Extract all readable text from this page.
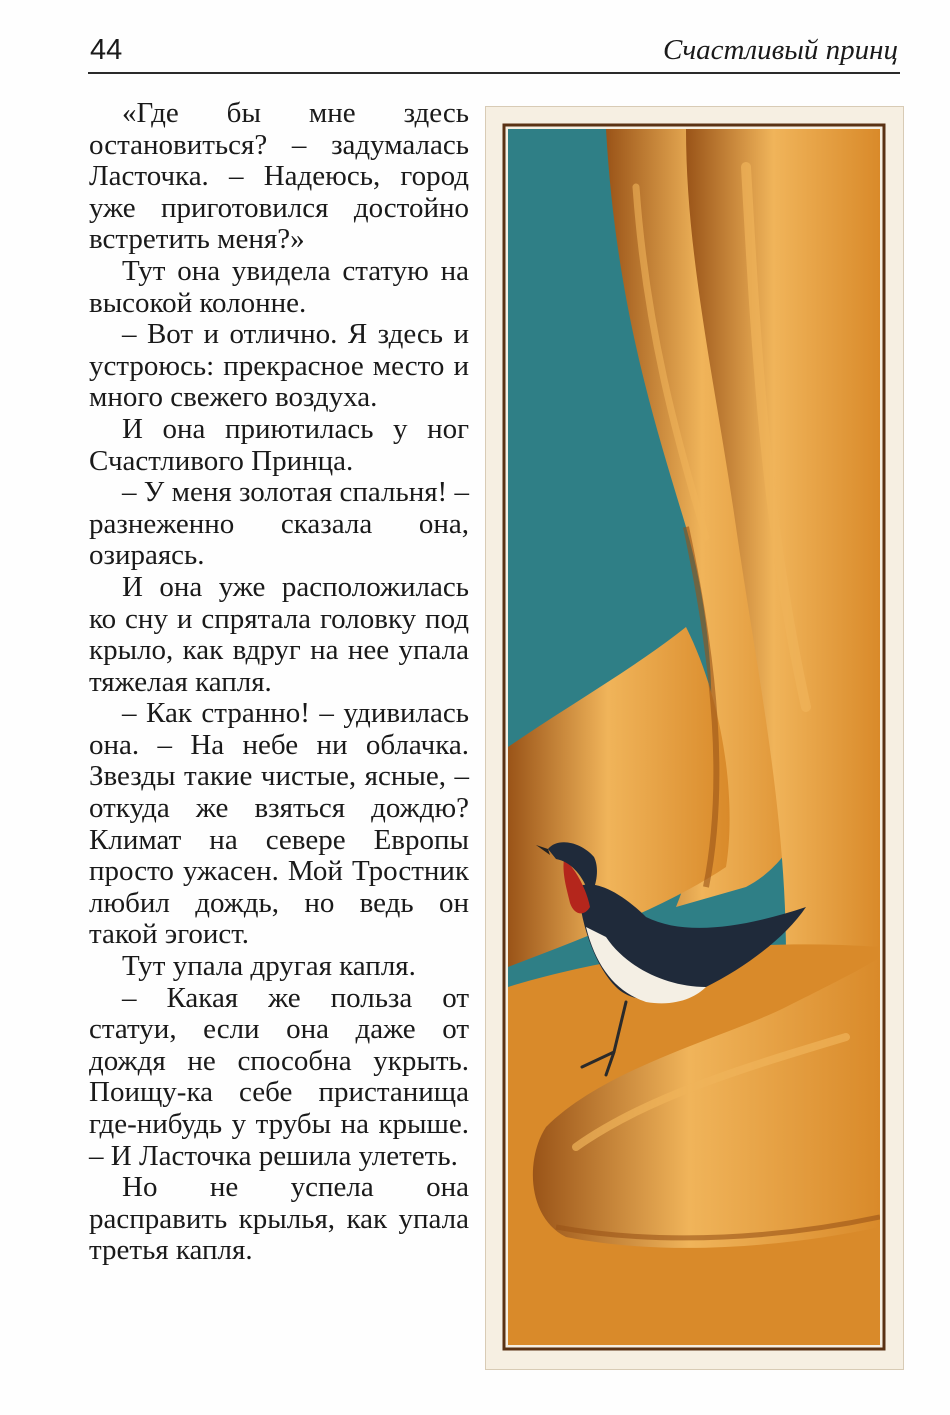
44	Счастливый принц

«Где бы мне здесь остановиться? – задумалась Ласточка. – Надеюсь, город уже приготовился достойно встретить меня?»

Тут она увидела статую на высокой колонне.

– Вот и отлично. Я здесь и устроюсь: прекрасное место и много свежего воздуха.

И она приютилась у ног Счастливого Принца.

– У меня золотая спальня! – разнеженно сказала она, озираясь.

И она уже расположилась ко сну и спрятала головку под крыло, как вдруг на нее упала тяжелая капля.

– Как странно! – удивилась она. – На небе ни облачка. Звезды такие чистые, ясные, – откуда же взяться дождю? Климат на севере Европы просто ужасен. Мой Тростник любил дождь, но ведь он такой эгоист.

Тут упала другая капля.

– Какая же польза от статуи, если она даже от дождя не способна укрыть. Поищу-ка себе пристанища где-нибудь у трубы на крыше. – И Ласточка решила улететь.

Но не успела она расправить крылья, как упала третья капля.
